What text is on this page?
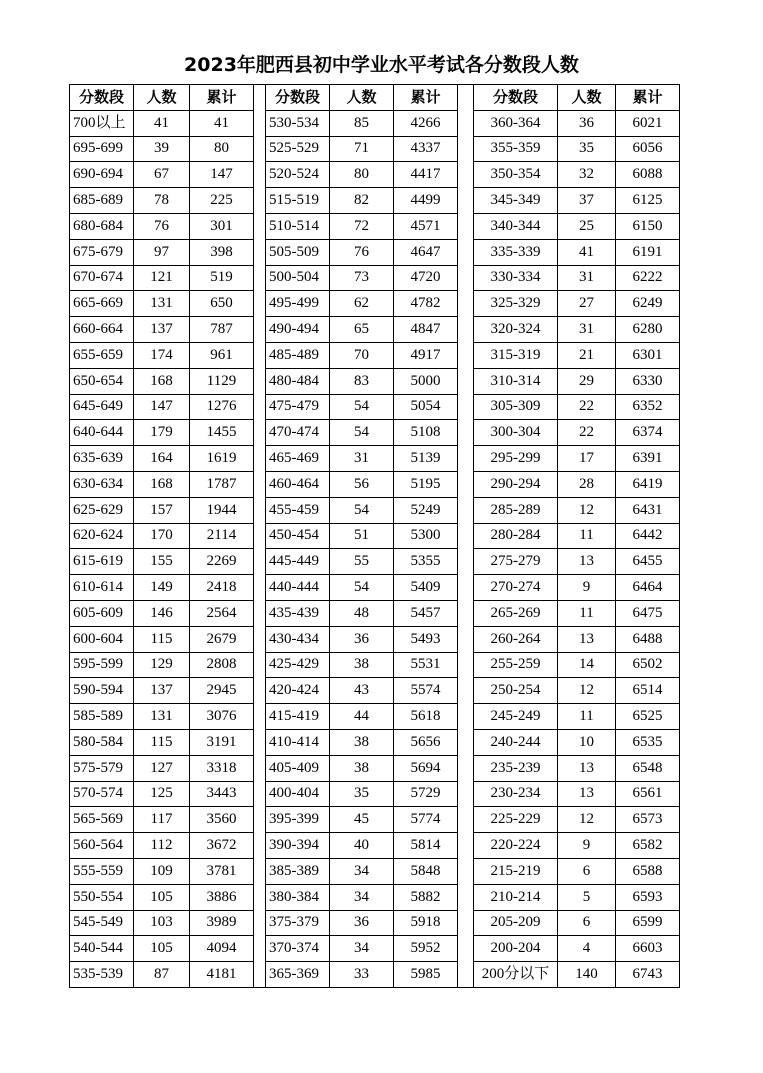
2023年肥西县初中学业水平考试各分数段人数
分数段	人数	累计		分数段	人数	累计		分数段	人数	累计
700以上	41	41		530-534	85	4266		360-364	36	6021
695-699	39	80		525-529	71	4337		355-359	35	6056
690-694	67	147		520-524	80	4417		350-354	32	6088
685-689	78	225		515-519	82	4499		345-349	37	6125
680-684	76	301		510-514	72	4571		340-344	25	6150
675-679	97	398		505-509	76	4647		335-339	41	6191
670-674	121	519		500-504	73	4720		330-334	31	6222
665-669	131	650		495-499	62	4782		325-329	27	6249
660-664	137	787		490-494	65	4847		320-324	31	6280
655-659	174	961		485-489	70	4917		315-319	21	6301
650-654	168	1129		480-484	83	5000		310-314	29	6330
645-649	147	1276		475-479	54	5054		305-309	22	6352
640-644	179	1455		470-474	54	5108		300-304	22	6374
635-639	164	1619		465-469	31	5139		295-299	17	6391
630-634	168	1787		460-464	56	5195		290-294	28	6419
625-629	157	1944		455-459	54	5249		285-289	12	6431
620-624	170	2114		450-454	51	5300		280-284	11	6442
615-619	155	2269		445-449	55	5355		275-279	13	6455
610-614	149	2418		440-444	54	5409		270-274	9	6464
605-609	146	2564		435-439	48	5457		265-269	11	6475
600-604	115	2679		430-434	36	5493		260-264	13	6488
595-599	129	2808		425-429	38	5531		255-259	14	6502
590-594	137	2945		420-424	43	5574		250-254	12	6514
585-589	131	3076		415-419	44	5618		245-249	11	6525
580-584	115	3191		410-414	38	5656		240-244	10	6535
575-579	127	3318		405-409	38	5694		235-239	13	6548
570-574	125	3443		400-404	35	5729		230-234	13	6561
565-569	117	3560		395-399	45	5774		225-229	12	6573
560-564	112	3672		390-394	40	5814		220-224	9	6582
555-559	109	3781		385-389	34	5848		215-219	6	6588
550-554	105	3886		380-384	34	5882		210-214	5	6593
545-549	103	3989		375-379	36	5918		205-209	6	6599
540-544	105	4094		370-374	34	5952		200-204	4	6603
535-539	87	4181		365-369	33	5985		200分以下	140	6743
